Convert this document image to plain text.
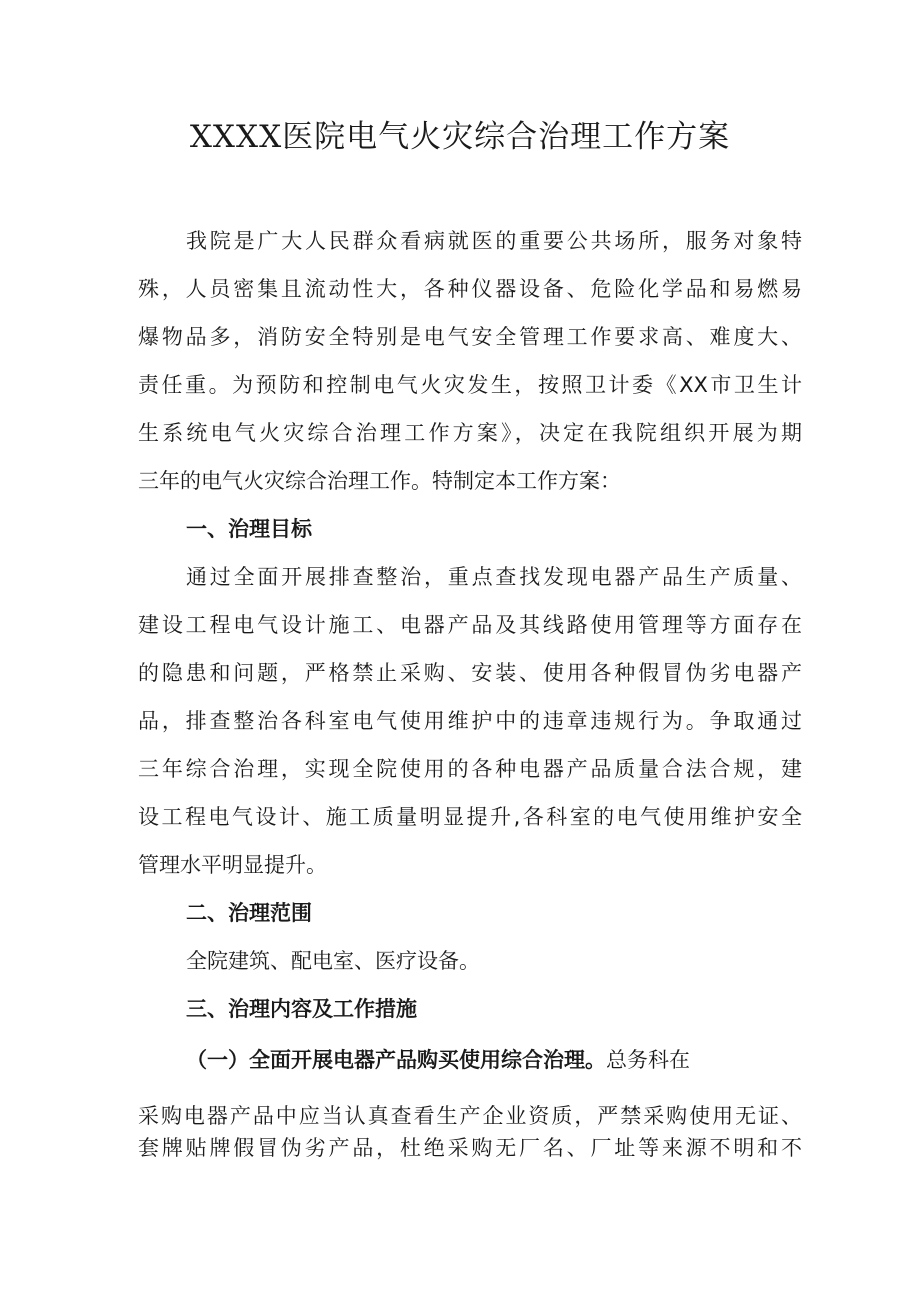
XXXX医院电气火灾综合治理工作方案
我院是广大人民群众看病就医的重要公共场所，服务对象特
殊，人员密集且流动性大，各种仪器设备、危险化学品和易燃易
爆物品多，消防安全特别是电气安全管理工作要求高、难度大、
责任重。为预防和控制电气火灾发生，按照卫计委《XX市卫生计
生系统电气火灾综合治理工作方案》，决定在我院组织开展为期
三年的电气火灾综合治理工作。特制定本工作方案：
一、治理目标
通过全面开展排查整治，重点查找发现电器产品生产质量、
建设工程电气设计施工、电器产品及其线路使用管理等方面存在
的隐患和问题，严格禁止采购、安装、使用各种假冒伪劣电器产
品，排查整治各科室电气使用维护中的违章违规行为。争取通过
三年综合治理，实现全院使用的各种电器产品质量合法合规，建
设工程电气设计、施工质量明显提升,各科室的电气使用维护安全
管理水平明显提升。
二、治理范围
全院建筑、配电室、医疗设备。
三、治理内容及工作措施
（一）全面开展电器产品购买使用综合治理。总务科在
采购电器产品中应当认真查看生产企业资质，严禁采购使用无证、
套牌贴牌假冒伪劣产品，杜绝采购无厂名、厂址等来源不明和不
